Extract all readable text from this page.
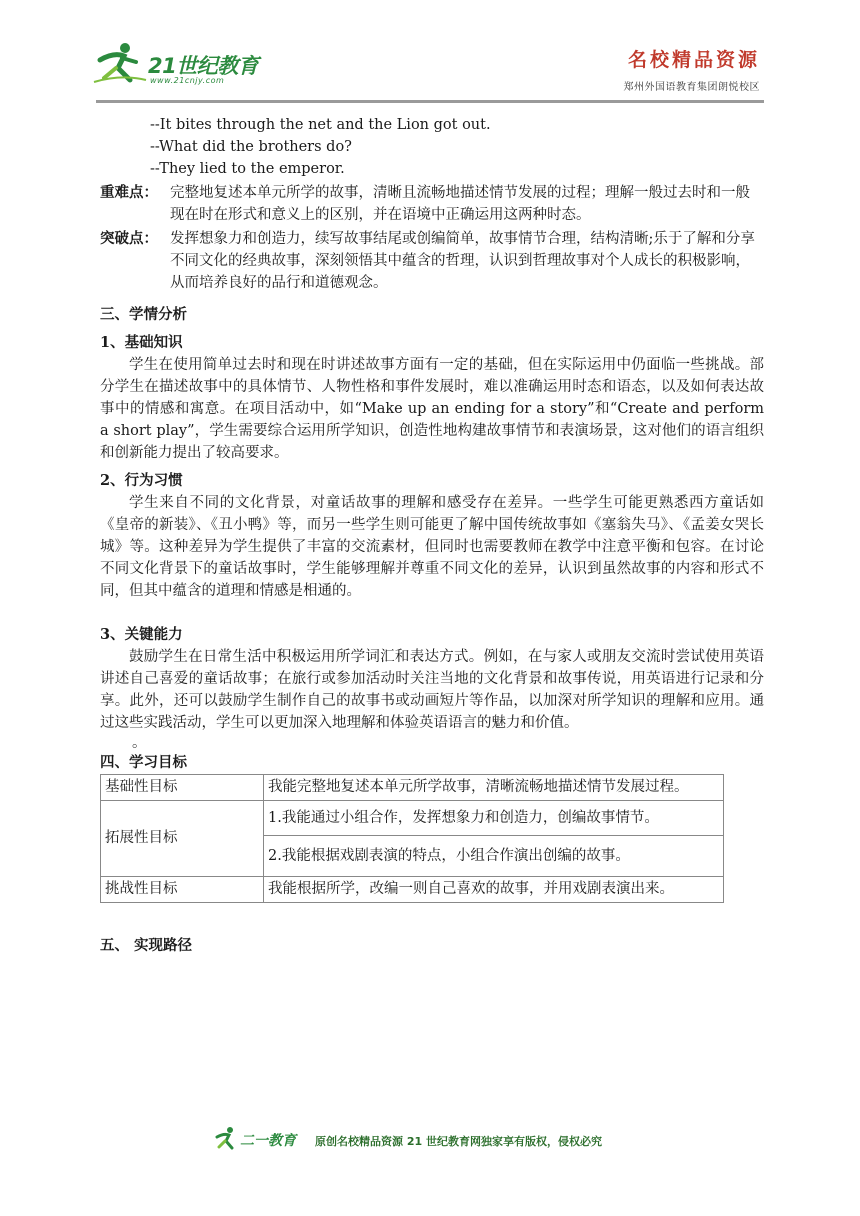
21世纪教育
www.21cnjy.com
名校精品资源
郑州外国语教育集团朗悦校区

--It bites through the net and the Lion got out.

--What did the brothers do?

--They lied to the emperor.

重难点： 完整地复述本单元所学的故事，清晰且流畅地描述情节发展的过程；理解一般过去时和一般现在时在形式和意义上的区别，并在语境中正确运用这两种时态。
突破点： 发挥想象力和创造力，续写故事结尾或创编简单，故事情节合理，结构清晰;乐于了解和分享不同文化的经典故事，深刻领悟其中蕴含的哲理，认识到哲理故事对个人成长的积极影响，从而培养良好的品行和道德观念。

三、学情分析

1、基础知识

学生在使用简单过去时和现在时讲述故事方面有一定的基础，但在实际运用中仍面临一些挑战。部分学生在描述故事中的具体情节、人物性格和事件发展时，难以准确运用时态和语态，以及如何表达故事中的情感和寓意。在项目活动中，如“Make up an ending for a story”和“Create and perform a short play”，学生需要综合运用所学知识，创造性地构建故事情节和表演场景，这对他们的语言组织和创新能力提出了较高要求。

2、行为习惯

学生来自不同的文化背景，对童话故事的理解和感受存在差异。一些学生可能更熟悉西方童话如《皇帝的新装》、《丑小鸭》等，而另一些学生则可能更了解中国传统故事如《塞翁失马》、《孟姜女哭长城》等。这种差异为学生提供了丰富的交流素材，但同时也需要教师在教学中注意平衡和包容。在讨论不同文化背景下的童话故事时，学生能够理解并尊重不同文化的差异，认识到虽然故事的内容和形式不同，但其中蕴含的道理和情感是相通的。

3、关键能力

鼓励学生在日常生活中积极运用所学词汇和表达方式。例如，在与家人或朋友交流时尝试使用英语讲述自己喜爱的童话故事；在旅行或参加活动时关注当地的文化背景和故事传说，用英语进行记录和分享。此外，还可以鼓励学生制作自己的故事书或动画短片等作品，以加深对所学知识的理解和应用。通过这些实践活动，学生可以更加深入地理解和体验英语语言的魅力和价值。

。

四、学习目标

基础性目标	我能完整地复述本单元所学故事，清晰流畅地描述情节发展过程。
拓展性目标	1.我能通过小组合作，发挥想象力和创造力，创编故事情节。
	2.我能根据戏剧表演的特点，小组合作演出创编的故事。
挑战性目标	我能根据所学，改编一则自己喜欢的故事，并用戏剧表演出来。

五、 实现路径

二一教育 原创名校精品资源 21 世纪教育网独家享有版权，侵权必究
